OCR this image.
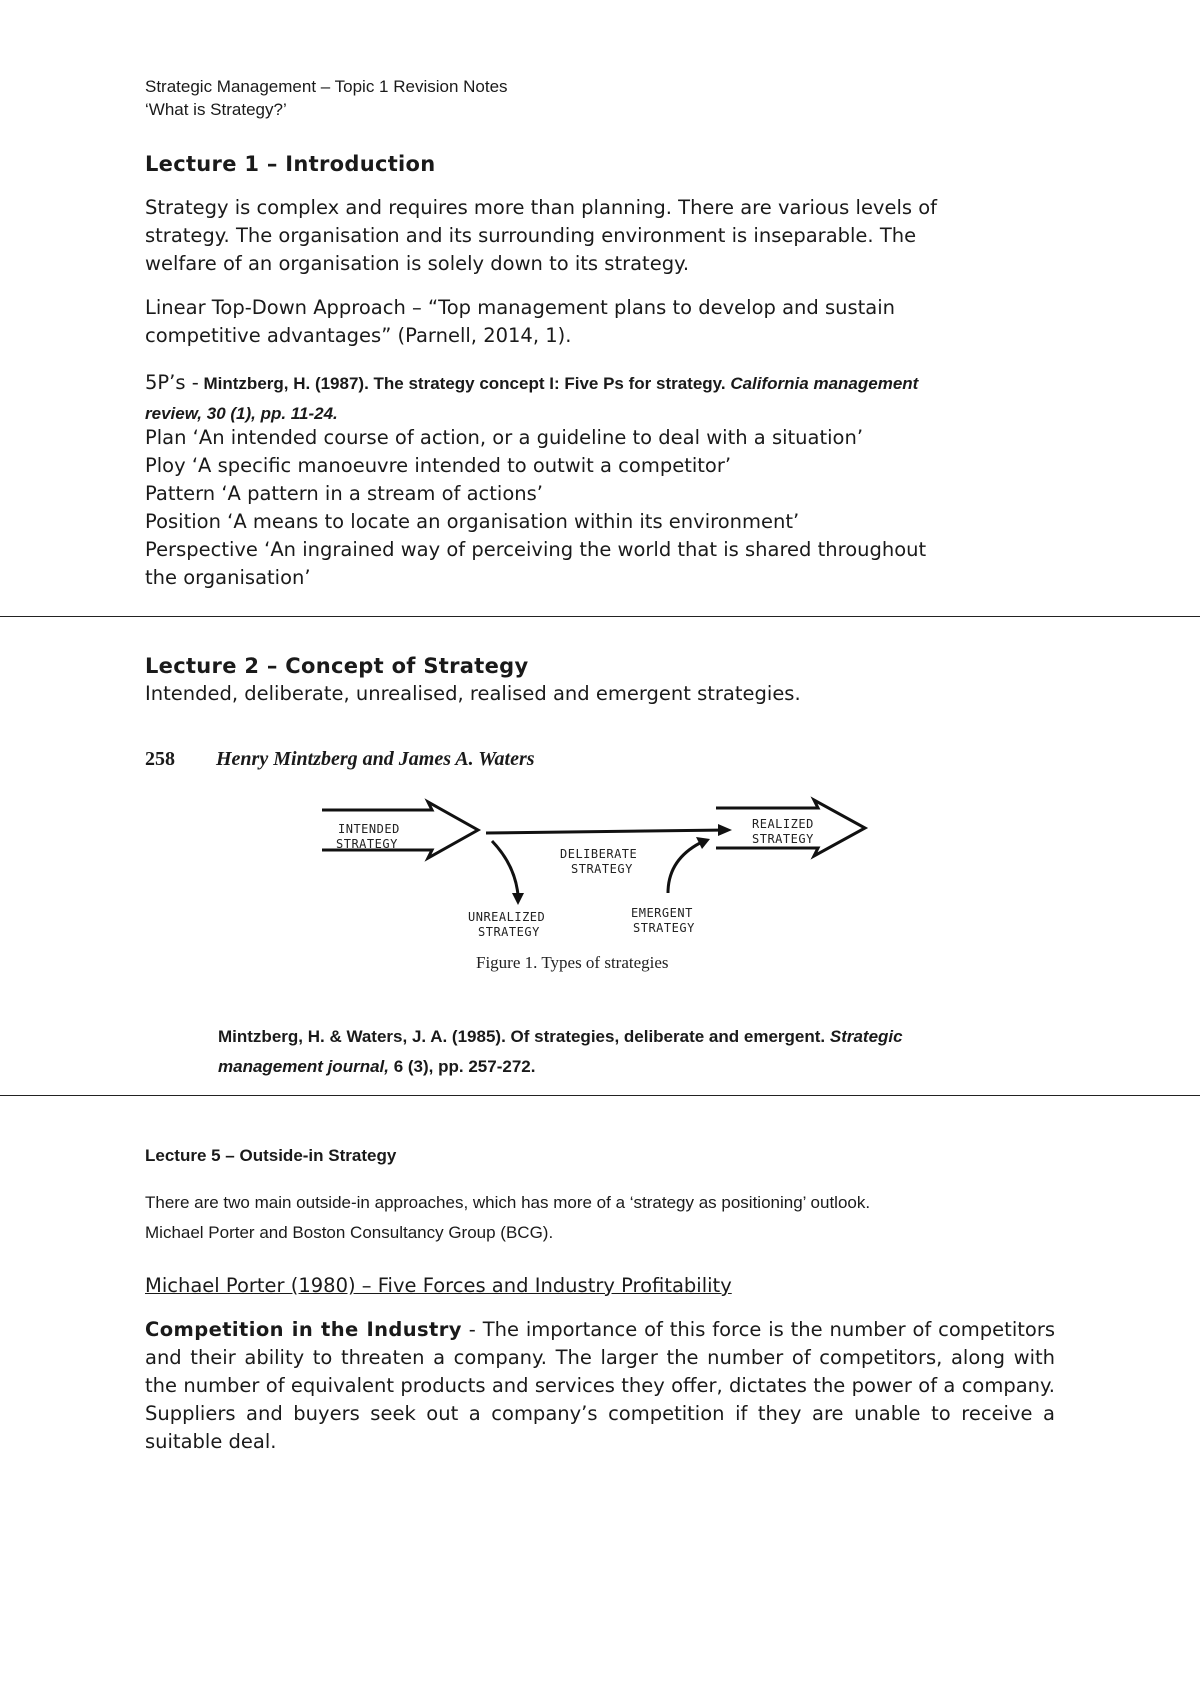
Strategic Management – Topic 1 Revision Notes
‘What is Strategy?’
Lecture 1 – Introduction
Strategy is complex and requires more than planning. There are various levels of
strategy. The organisation and its surrounding environment is inseparable. The
welfare of an organisation is solely down to its strategy.
Linear Top-Down Approach – “Top management plans to develop and sustain
competitive advantages” (Parnell, 2014, 1).
5P’s - Mintzberg, H. (1987). The strategy concept I: Five Ps for strategy. California management
review, 30 (1), pp. 11-24.
Plan ‘An intended course of action, or a guideline to deal with a situation’
Ploy ‘A specific manoeuvre intended to outwit a competitor’
Pattern ‘A pattern in a stream of actions’
Position ‘A means to locate an organisation within its environment’
Perspective ‘An ingrained way of perceiving the world that is shared throughout
the organisation’
Lecture 2 – Concept of Strategy
Intended, deliberate, unrealised, realised and emergent strategies.
258 Henry Mintzberg and James A. Waters
INTENDED
STRATEGY
DELIBERATE
STRATEGY
REALIZED
STRATEGY
UNREALIZED
STRATEGY
EMERGENT
STRATEGY
Figure 1. Types of strategies
Mintzberg, H. & Waters, J. A. (1985). Of strategies, deliberate and emergent. Strategic
management journal, 6 (3), pp. 257-272.
Lecture 5 – Outside-in Strategy
There are two main outside-in approaches, which has more of a ‘strategy as positioning’ outlook.
Michael Porter and Boston Consultancy Group (BCG).
Michael Porter (1980) – Five Forces and Industry Profitability
Competition in the Industry - The importance of this force is the number of competitors and their ability to threaten a company. The larger the number of competitors, along with the number of equivalent products and services they offer, dictates the power of a company. Suppliers and buyers seek out a company’s competition if they are unable to receive a suitable deal.
